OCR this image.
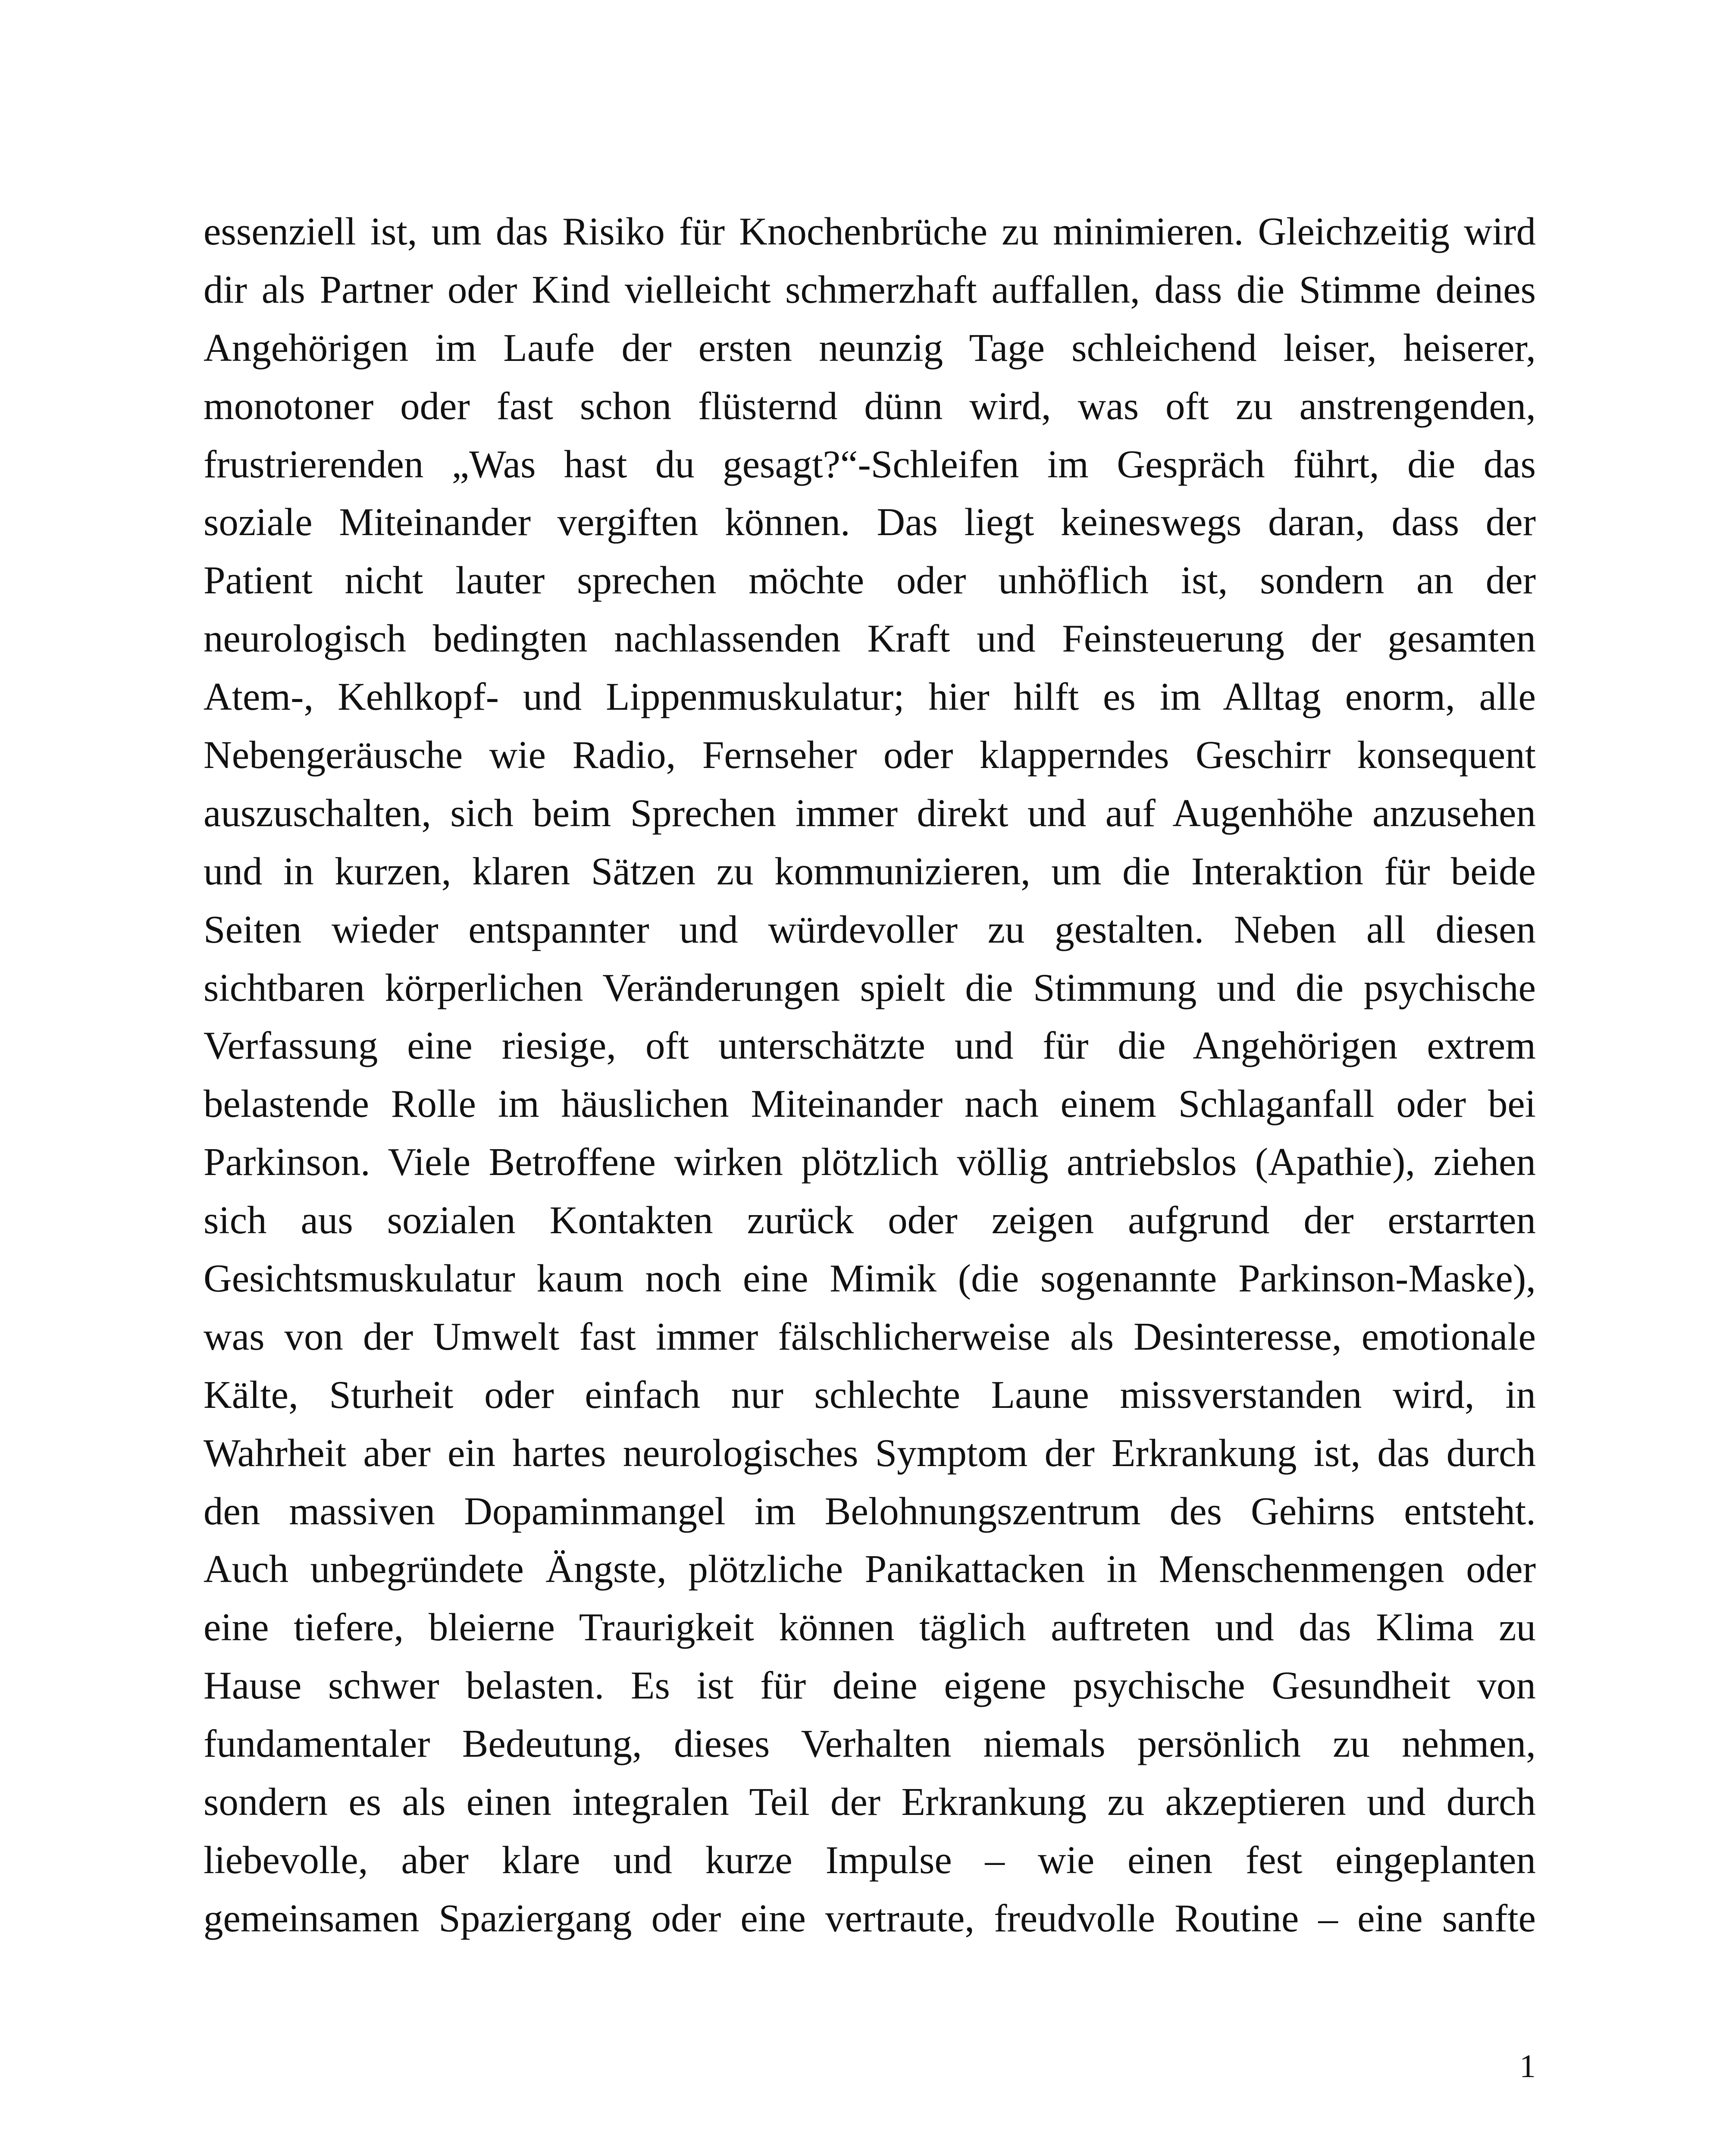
essenziell ist, um das Risiko für Knochenbrüche zu minimieren. Gleichzeitig wird
dir als Partner oder Kind vielleicht schmerzhaft auffallen, dass die Stimme deines
Angehörigen im Laufe der ersten neunzig Tage schleichend leiser, heiserer,
monotoner oder fast schon flüsternd dünn wird, was oft zu anstrengenden,
frustrierenden „Was hast du gesagt?“-Schleifen im Gespräch führt, die das
soziale Miteinander vergiften können. Das liegt keineswegs daran, dass der
Patient nicht lauter sprechen möchte oder unhöflich ist, sondern an der
neurologisch bedingten nachlassenden Kraft und Feinsteuerung der gesamten
Atem-, Kehlkopf- und Lippenmuskulatur; hier hilft es im Alltag enorm, alle
Nebengeräusche wie Radio, Fernseher oder klapperndes Geschirr konsequent
auszuschalten, sich beim Sprechen immer direkt und auf Augenhöhe anzusehen
und in kurzen, klaren Sätzen zu kommunizieren, um die Interaktion für beide
Seiten wieder entspannter und würdevoller zu gestalten. Neben all diesen
sichtbaren körperlichen Veränderungen spielt die Stimmung und die psychische
Verfassung eine riesige, oft unterschätzte und für die Angehörigen extrem
belastende Rolle im häuslichen Miteinander nach einem Schlaganfall oder bei
Parkinson. Viele Betroffene wirken plötzlich völlig antriebslos (Apathie), ziehen
sich aus sozialen Kontakten zurück oder zeigen aufgrund der erstarrten
Gesichtsmuskulatur kaum noch eine Mimik (die sogenannte Parkinson-Maske),
was von der Umwelt fast immer fälschlicherweise als Desinteresse, emotionale
Kälte, Sturheit oder einfach nur schlechte Laune missverstanden wird, in
Wahrheit aber ein hartes neurologisches Symptom der Erkrankung ist, das durch
den massiven Dopaminmangel im Belohnungszentrum des Gehirns entsteht.
Auch unbegründete Ängste, plötzliche Panikattacken in Menschenmengen oder
eine tiefere, bleierne Traurigkeit können täglich auftreten und das Klima zu
Hause schwer belasten. Es ist für deine eigene psychische Gesundheit von
fundamentaler Bedeutung, dieses Verhalten niemals persönlich zu nehmen,
sondern es als einen integralen Teil der Erkrankung zu akzeptieren und durch
liebevolle, aber klare und kurze Impulse – wie einen fest eingeplanten
gemeinsamen Spaziergang oder eine vertraute, freudvolle Routine – eine sanfte
1
